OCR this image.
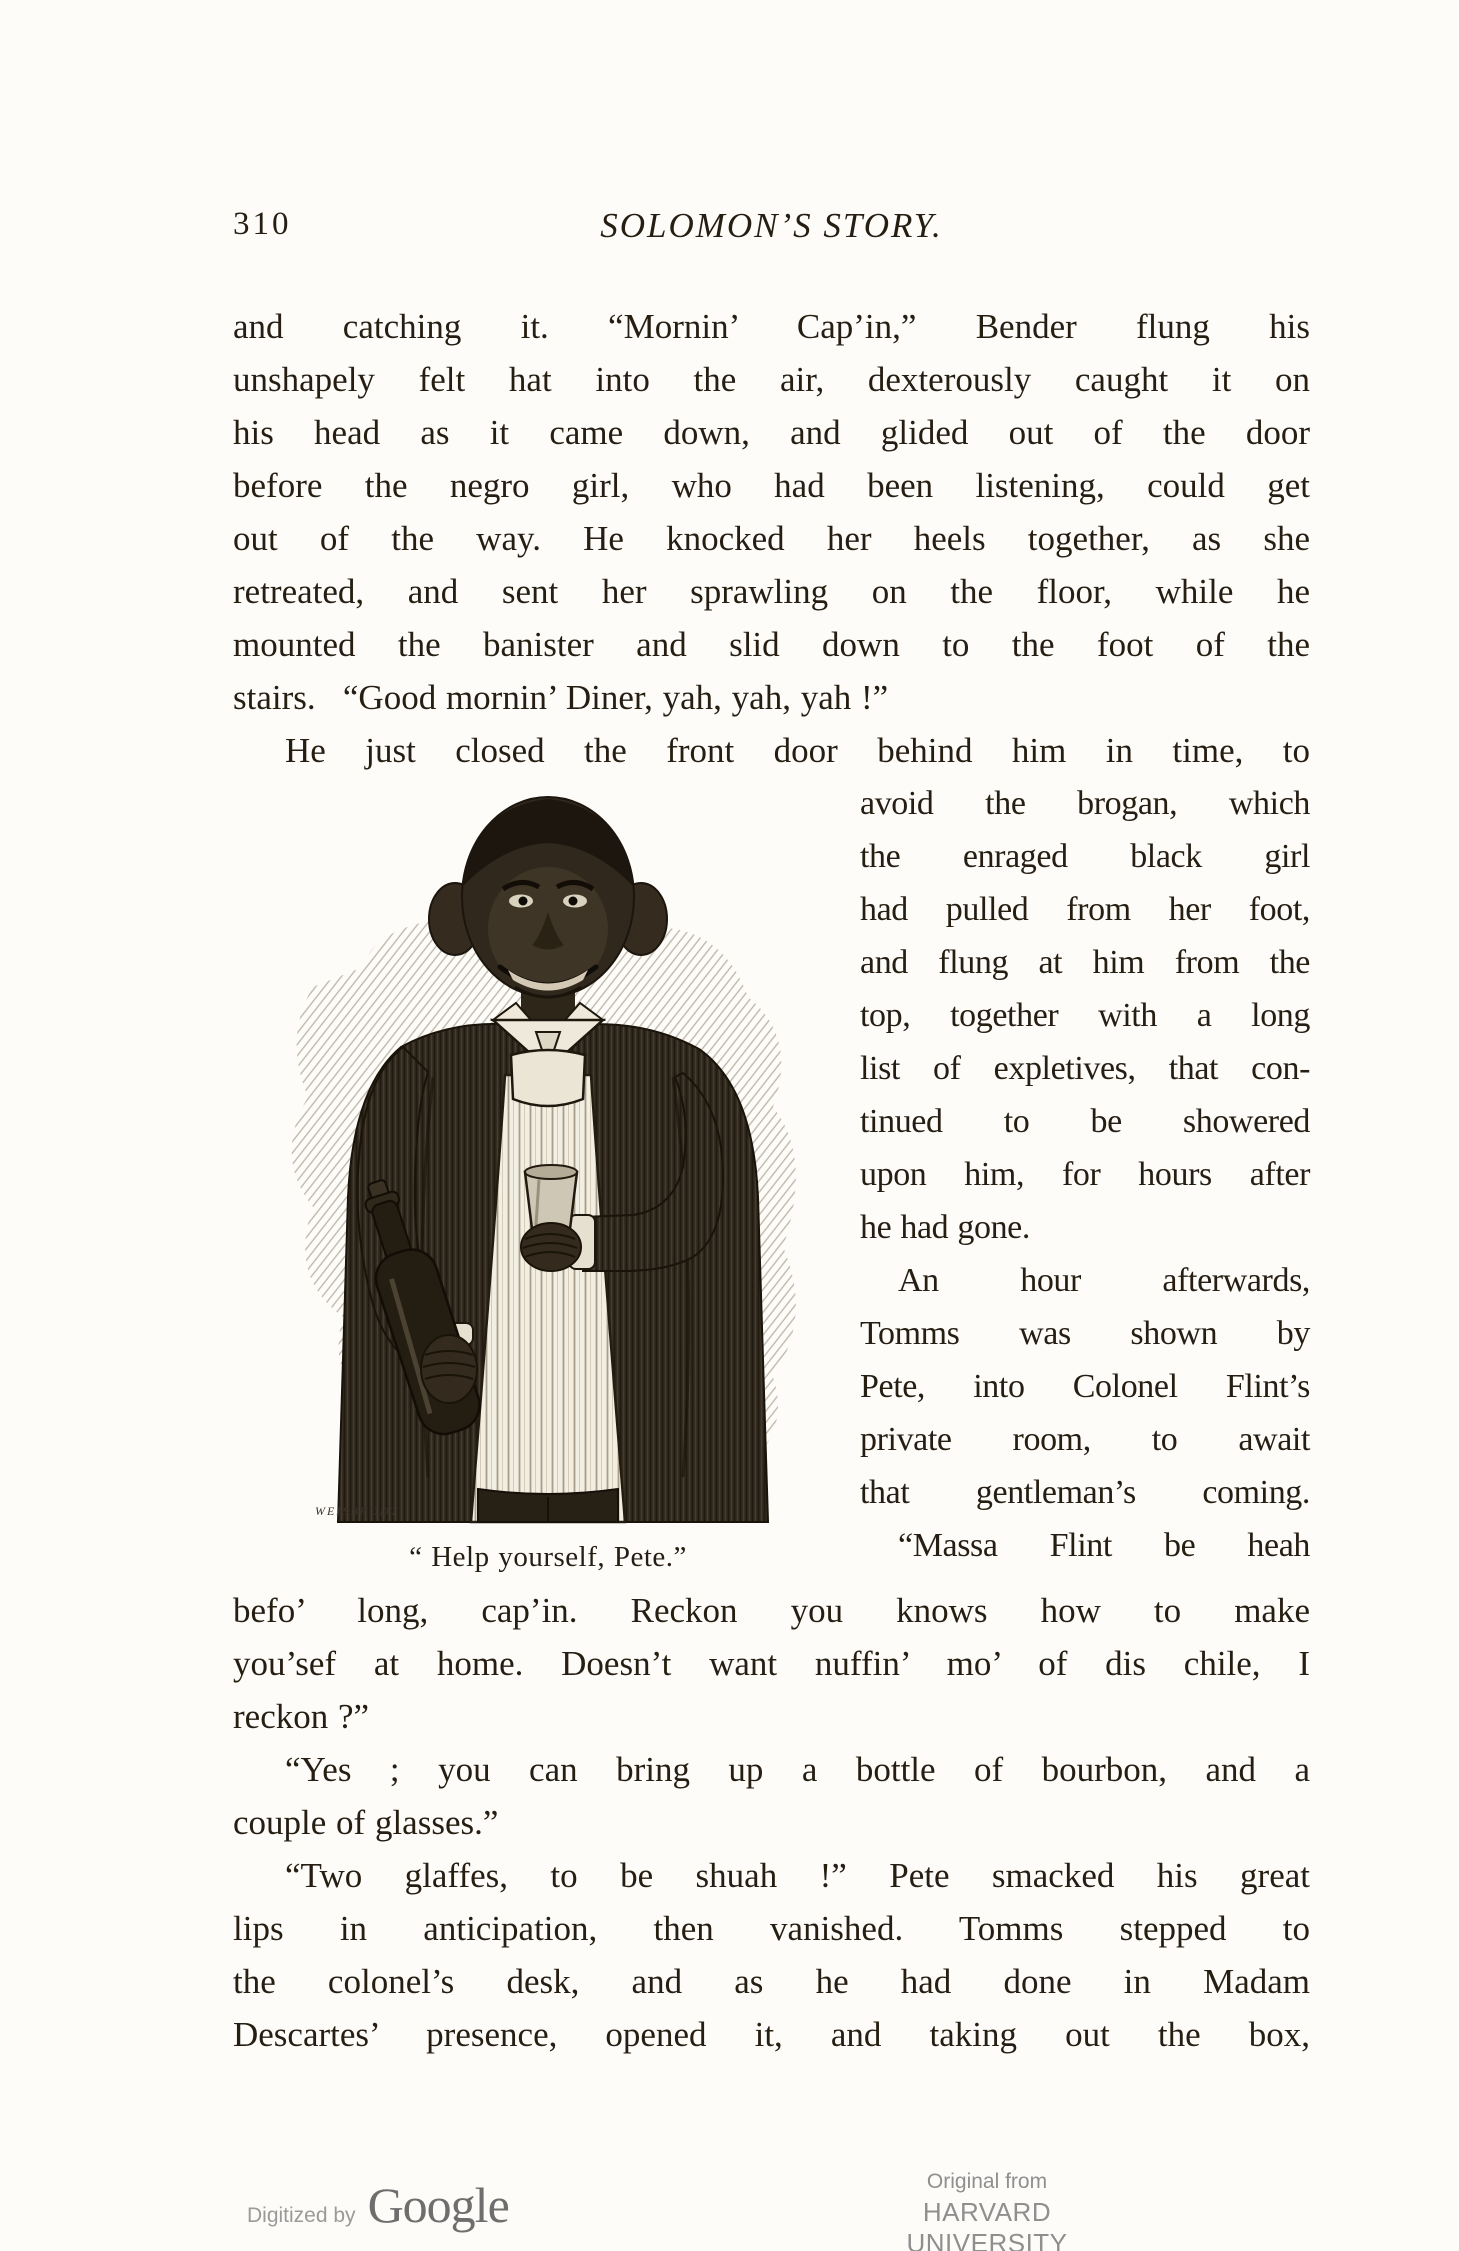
310	SOLOMON’S STORY.
and catching it. “Mornin’ Cap’in,” Bender flung his
unshapely felt hat into the air, dexterously caught it on
his head as it came down, and glided out of the door
before the negro girl, who had been listening, could get
out of the way. He knocked her heels together, as she
retreated, and sent her sprawling on the floor, while he
mounted the banister and slid down to the foot of the
stairs.  “Good mornin’ Diner, yah, yah, yah !”
He just closed the front door behind him in time, to
WEISBRODT
“ Help yourself, Pete.”
avoid the brogan, which
the enraged black girl
had pulled from her foot,
and flung at him from the
top, together with a long
list of expletives, that con-
tinued to be showered
upon him, for hours after
he had gone.
An hour afterwards,
Tomms was shown by
Pete, into Colonel Flint’s
private room, to await
that gentleman’s coming.
“Massa Flint be heah
befo’ long, cap’in. Reckon you knows how to make
you’sef at home. Doesn’t want nuffin’ mo’ of dis chile, I
reckon ?”
“Yes ; you can bring up a bottle of bourbon, and a
couple of glasses.”
“Two glaffes, to be shuah !” Pete smacked his great
lips in anticipation, then vanished. Tomms stepped to
the colonel’s desk, and as he had done in Madam
Descartes’ presence, opened it, and taking out the box,
Digitized by Google	Original from
HARVARD UNIVERSITY
